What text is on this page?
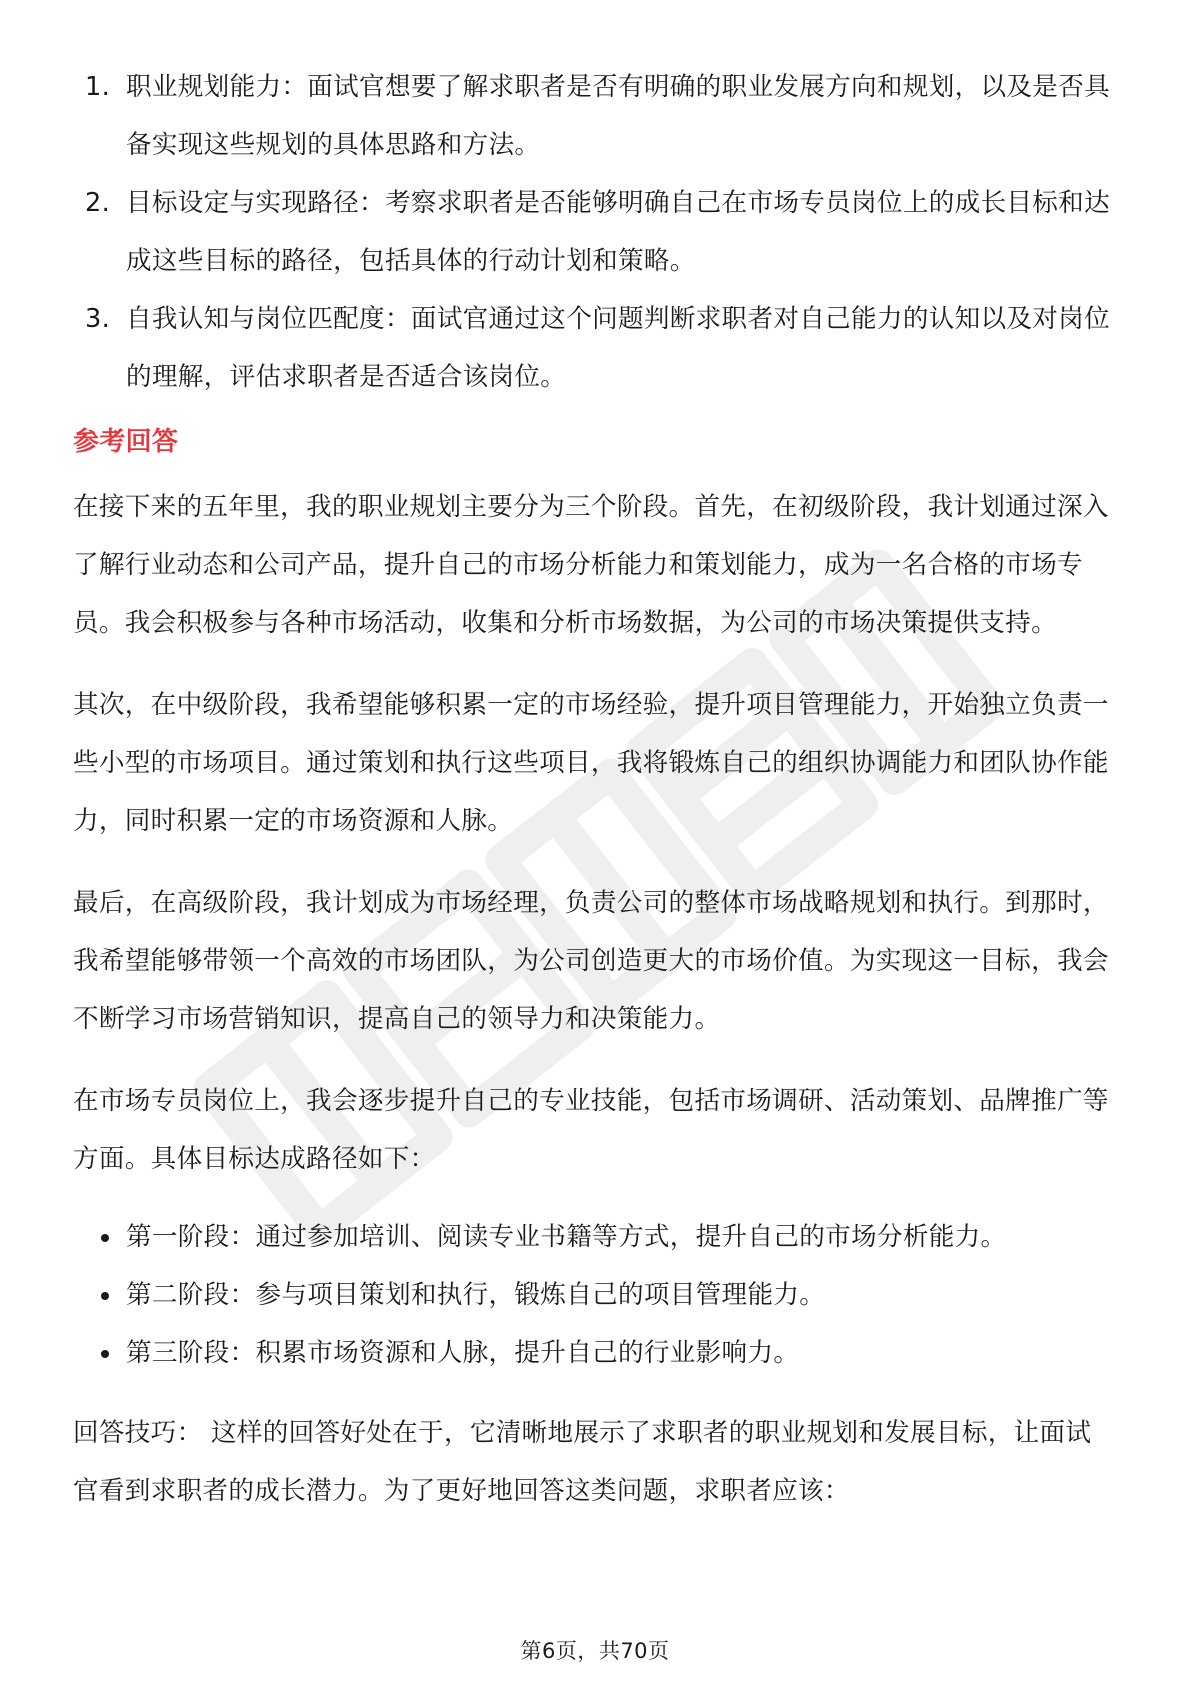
1. 职业规划能力：面试官想要了解求职者是否有明确的职业发展方向和规划，以及是否具备实现这些规划的具体思路和方法。
2. 目标设定与实现路径：考察求职者是否能够明确自己在市场专员岗位上的成长目标和达成这些目标的路径，包括具体的行动计划和策略。
3. 自我认知与岗位匹配度：面试官通过这个问题判断求职者对自己能力的认知以及对岗位的理解，评估求职者是否适合该岗位。
参考回答

在接下来的五年里，我的职业规划主要分为三个阶段。首先，在初级阶段，我计划通过深入了解行业动态和公司产品，提升自己的市场分析能力和策划能力，成为一名合格的市场专员。我会积极参与各种市场活动，收集和分析市场数据，为公司的市场决策提供支持。

其次，在中级阶段，我希望能够积累一定的市场经验，提升项目管理能力，开始独立负责一些小型的市场项目。通过策划和执行这些项目，我将锻炼自己的组织协调能力和团队协作能力，同时积累一定的市场资源和人脉。

最后，在高级阶段，我计划成为市场经理，负责公司的整体市场战略规划和执行。到那时，我希望能够带领一个高效的市场团队，为公司创造更大的市场价值。为实现这一目标，我会不断学习市场营销知识，提高自己的领导力和决策能力。

在市场专员岗位上，我会逐步提升自己的专业技能，包括市场调研、活动策划、品牌推广等方面。具体目标达成路径如下：

第一阶段：通过参加培训、阅读专业书籍等方式，提升自己的市场分析能力。
第二阶段：参与项目策划和执行，锻炼自己的项目管理能力。
第三阶段：积累市场资源和人脉，提升自己的行业影响力。

回答技巧： 这样的回答好处在于，它清晰地展示了求职者的职业规划和发展目标，让面试官看到求职者的成长潜力。为了更好地回答这类问题，求职者应该：

第6页，共70页
